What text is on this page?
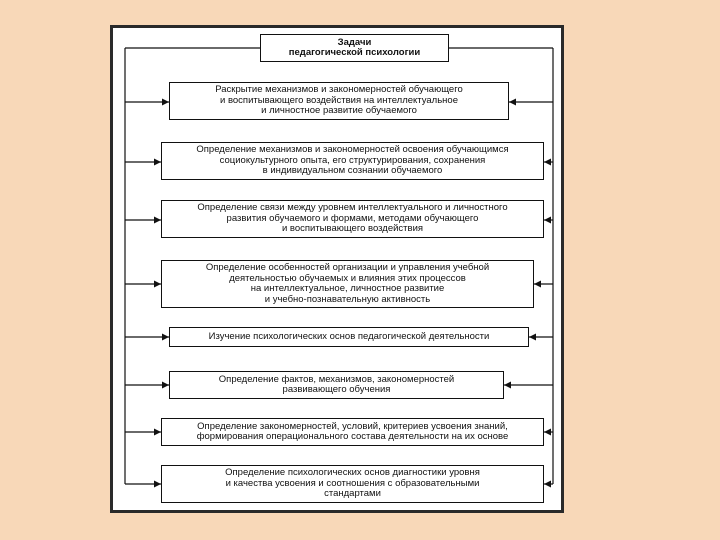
Задачи
педагогической психологии
Раскрытие механизмов и закономерностей обучающего
и воспитывающего воздействия на интеллектуальное
и личностное развитие обучаемого
Определение механизмов и закономерностей освоения обучающимся
социокультурного опыта, его структурирования, сохранения
в индивидуальном сознании обучаемого
Определение связи между уровнем интеллектуального и личностного
развития обучаемого и формами, методами обучающего
и воспитывающего воздействия
Определение особенностей организации и управления учебной
деятельностью обучаемых и влияния этих процессов
на интеллектуальное, личностное развитие
и учебно-познавательную активность
Изучение психологических основ педагогической деятельности
Определение фактов, механизмов, закономерностей
развивающего обучения
Определение закономерностей, условий, критериев усвоения знаний,
формирования операционального состава деятельности на их основе
Определение психологических основ диагностики уровня
и качества усвоения и соотношения с образовательными
стандартами
